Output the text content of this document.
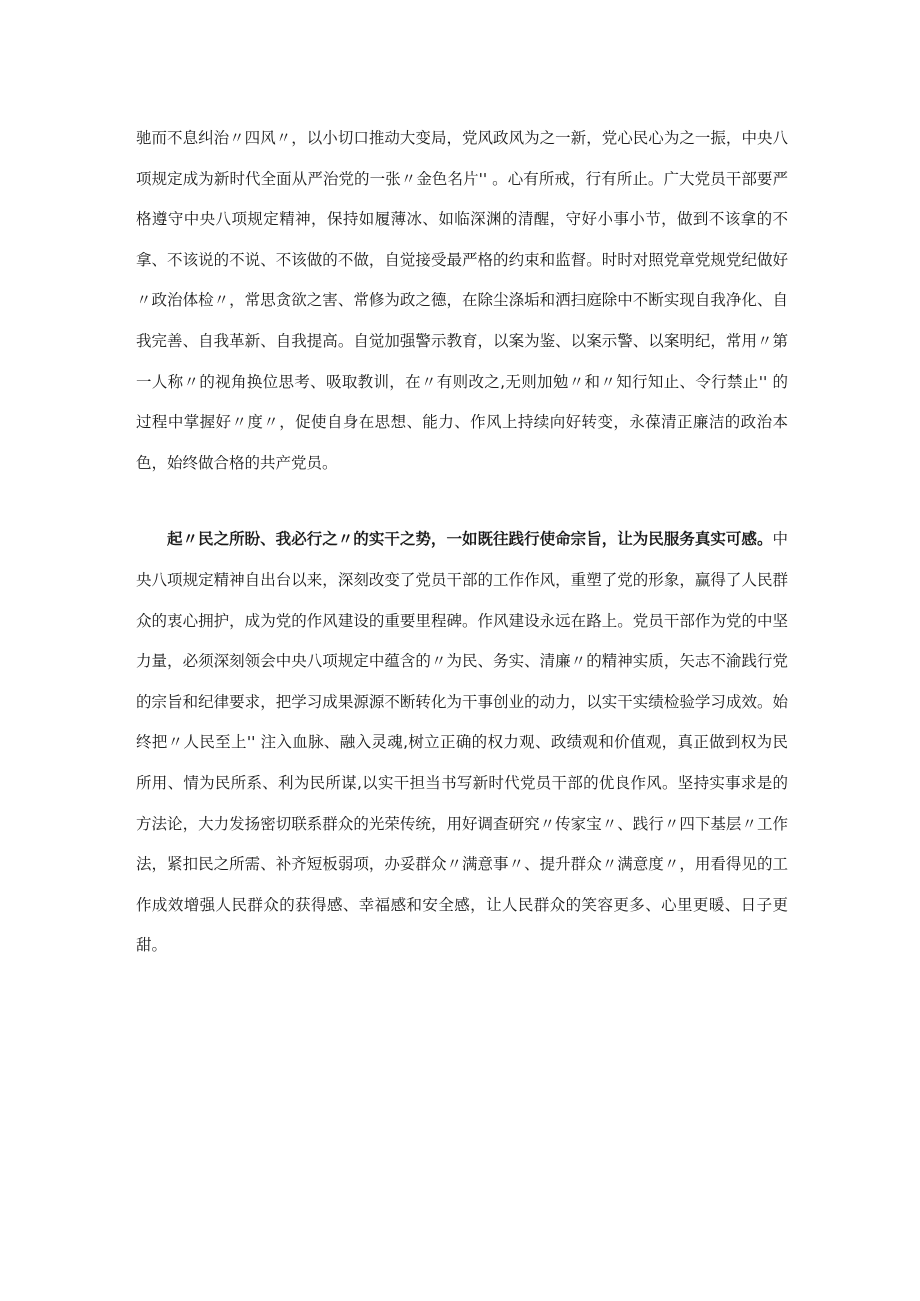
驰而不息纠治〃四风〃，以小切口推动大变局，党风政风为之一新，党心民心为之一振，中央八项规定成为新时代全面从严治党的一张〃金色名片'' 。心有所戒，行有所止。广大党员干部要严格遵守中央八项规定精神，保持如履薄冰、如临深渊的清醒，守好小事小节，做到不该拿的不拿、不该说的不说、不该做的不做，自觉接受最严格的约束和监督。时时对照党章党规党纪做好〃政治体检〃，常思贪欲之害、常修为政之德，在除尘涤垢和洒扫庭除中不断实现自我净化、自我完善、自我革新、自我提高。自觉加强警示教育，以案为鉴、以案示警、以案明纪，常用〃第一人称〃的视角换位思考、吸取教训，在〃有则改之,无则加勉〃和〃知行知止、令行禁止'' 的过程中掌握好〃度〃，促使自身在思想、能力、作风上持续向好转变，永葆清正廉洁的政治本色，始终做合格的共产党员。

起〃民之所盼、我必行之〃的实干之势，一如既往践行使命宗旨，让为民服务真实可感。中央八项规定精神自出台以来，深刻改变了党员干部的工作作风，重塑了党的形象，赢得了人民群众的衷心拥护，成为党的作风建设的重要里程碑。作风建设永远在路上。党员干部作为党的中坚力量，必须深刻领会中央八项规定中蕴含的〃为民、务实、清廉〃的精神实质，矢志不渝践行党的宗旨和纪律要求，把学习成果源源不断转化为干事创业的动力，以实干实绩检验学习成效。始终把〃人民至上'' 注入血脉、融入灵魂,树立正确的权力观、政绩观和价值观，真正做到权为民所用、情为民所系、利为民所谋,以实干担当书写新时代党员干部的优良作风。坚持实事求是的方法论，大力发扬密切联系群众的光荣传统，用好调查研究〃传家宝〃、践行〃四下基层〃工作法，紧扣民之所需、补齐短板弱项，办妥群众〃满意事〃、提升群众〃满意度〃，用看得见的工作成效增强人民群众的获得感、幸福感和安全感，让人民群众的笑容更多、心里更暖、日子更甜。
